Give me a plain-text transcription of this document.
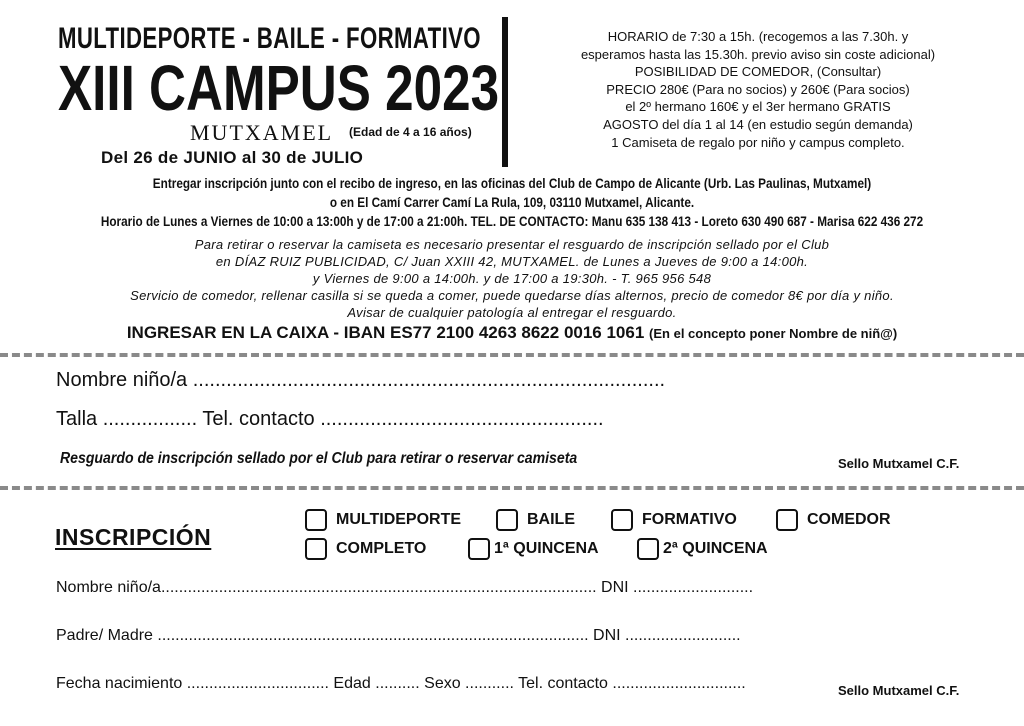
MULTIDEPORTE - BAILE - FORMATIVO
XIII CAMPUS 2023
MUTXAMEL (Edad de 4 a 16 años)
Del 26 de JUNIO al 30 de JULIO
HORARIO de 7:30 a 15h. (recogemos a las 7.30h. y
esperamos hasta las 15.30h. previo aviso sin coste adicional)
POSIBILIDAD DE COMEDOR, (Consultar)
PRECIO 280€ (Para no socios) y 260€ (Para socios)
el 2º hermano 160€ y el 3er hermano GRATIS
AGOSTO del día 1 al 14 (en estudio según demanda)
1 Camiseta de regalo por niño y campus completo.
Entregar inscripción junto con el recibo de ingreso, en las oficinas del Club de Campo de Alicante (Urb. Las Paulinas, Mutxamel)
o en El Camí Carrer Camí La Rula, 109, 03110 Mutxamel, Alicante.
Horario de Lunes a Viernes de 10:00 a 13:00h y de 17:00 a 21:00h. TEL. DE CONTACTO: Manu 635 138 413 - Loreto 630 490 687 - Marisa 622 436 272
Para retirar o reservar la camiseta es necesario presentar el resguardo de inscripción sellado por el Club
en DÍAZ RUIZ PUBLICIDAD, C/ Juan XXIII 42, MUTXAMEL. de Lunes a Jueves de 9:00 a 14:00h.
y Viernes de 9:00 a 14:00h. y de 17:00 a 19:30h. - T. 965 956 548
Servicio de comedor, rellenar casilla si se queda a comer, puede quedarse días alternos, precio de comedor 8€ por día y niño.
Avisar de cualquier patología al entregar el resguardo.
INGRESAR EN LA CAIXA - IBAN ES77 2100 4263 8622 0016 1061 (En el concepto poner Nombre de niñ@)
Nombre niño/a .....................................................................................
Talla ................. Tel. contacto ...................................................
Resguardo de inscripción sellado por el Club para retirar o reservar camiseta	Sello Mutxamel C.F.
INSCRIPCIÓN
MULTIDEPORTE	BAILE	FORMATIVO	COMEDOR
COMPLETO	1ª QUINCENA	2ª QUINCENA
Nombre niño/a.................................................................................................. DNI ...........................
Padre/ Madre ................................................................................................. DNI ..........................
Fecha nacimiento ................................ Edad .......... Sexo ........... Tel. contacto ..............................	Sello Mutxamel C.F.
